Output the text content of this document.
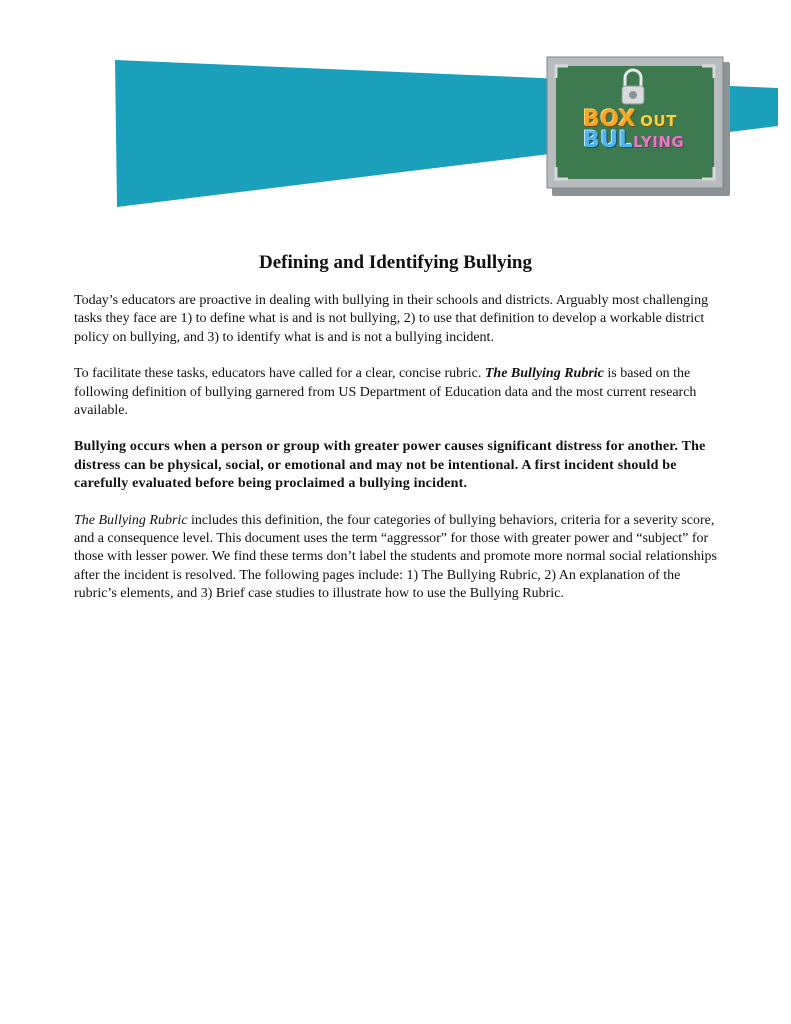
BOX OUT
BULLYING
Defining and Identifying Bullying

Today’s educators are proactive in dealing with bullying in their schools and districts. Arguably most challenging tasks they face are 1) to define what is and is not bullying, 2) to use that definition to develop a workable district policy on bullying, and 3) to identify what is and is not a bullying incident.

To facilitate these tasks, educators have called for a clear, concise rubric. The Bullying Rubric is based on the following definition of bullying garnered from US Department of Education data and the most current research available.

Bullying occurs when a person or group with greater power causes significant distress for another. The distress can be physical, social, or emotional and may not be intentional. A first incident should be carefully evaluated before being proclaimed a bullying incident.

The Bullying Rubric includes this definition, the four categories of bullying behaviors, criteria for a severity score, and a consequence level. This document uses the term “aggressor” for those with greater power and “subject” for those with lesser power. We find these terms don’t label the students and promote more normal social relationships after the incident is resolved. The following pages include: 1) The Bullying Rubric, 2) An explanation of the rubric’s elements, and 3) Brief case studies to illustrate how to use the Bullying Rubric.
